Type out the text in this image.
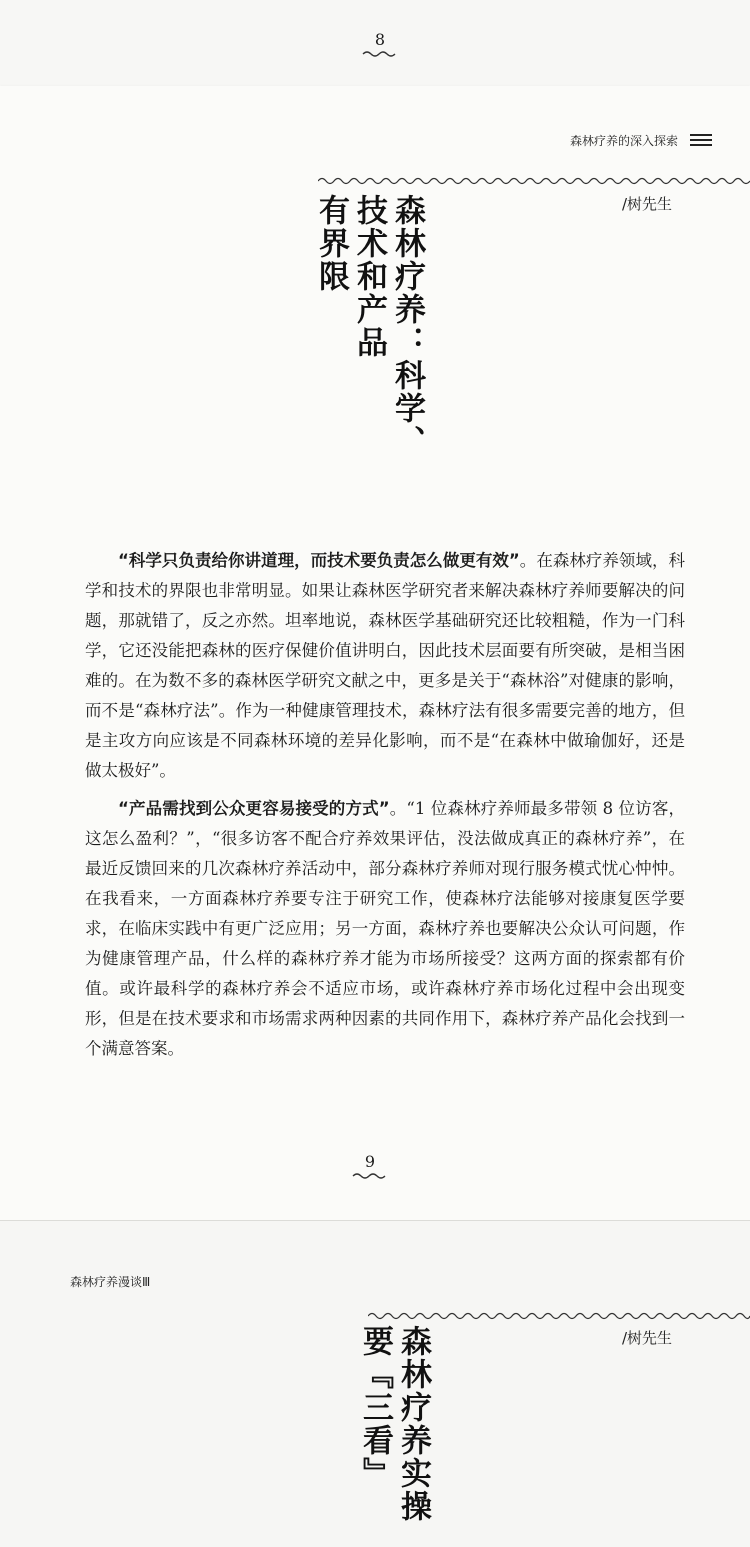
8
森林疗养的深入探索
/树先生
森林疗养：科学、
技术和产品
有界限

“科学只负责给你讲道理，而技术要负责怎么做更有效”。在森林疗养领域，科学和技术的界限也非常明显。如果让森林医学研究者来解决森林疗养师要解决的问题，那就错了，反之亦然。坦率地说，森林医学基础研究还比较粗糙，作为一门科学，它还没能把森林的医疗保健价值讲明白，因此技术层面要有所突破，是相当困难的。在为数不多的森林医学研究文献之中，更多是关于“森林浴”对健康的影响，而不是“森林疗法”。作为一种健康管理技术，森林疗法有很多需要完善的地方，但是主攻方向应该是不同森林环境的差异化影响，而不是“在森林中做瑜伽好，还是做太极好”。

“产品需找到公众更容易接受的方式”。“1 位森林疗养师最多带领 8 位访客，这怎么盈利？”，“很多访客不配合疗养效果评估，没法做成真正的森林疗养”，在最近反馈回来的几次森林疗养活动中，部分森林疗养师对现行服务模式忧心忡忡。在我看来，一方面森林疗养要专注于研究工作，使森林疗法能够对接康复医学要求，在临床实践中有更广泛应用；另一方面，森林疗养也要解决公众认可问题，作为健康管理产品，什么样的森林疗养才能为市场所接受？这两方面的探索都有价值。或许最科学的森林疗养会不适应市场，或许森林疗养市场化过程中会出现变形，但是在技术要求和市场需求两种因素的共同作用下，森林疗养产品化会找到一个满意答案。

9
森林疗养漫谈Ⅲ
/树先生
森林疗养实操
要『三看』
